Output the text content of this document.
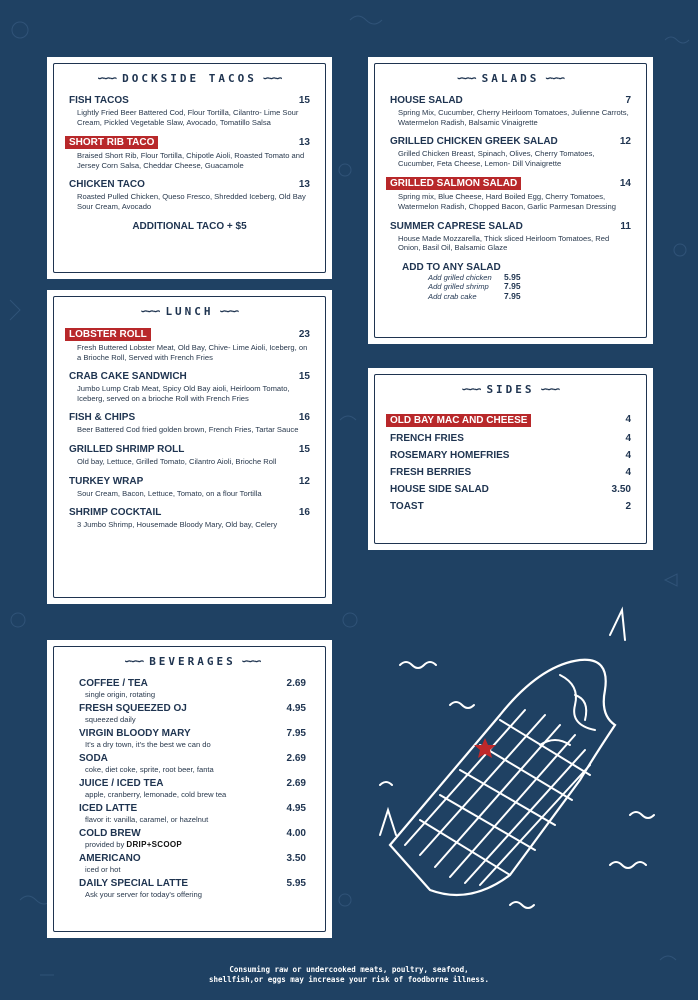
∽∽∽ DOCKSIDE TACOS ∽∽∽
FISH TACOS	15
Lightly Fried Beer Battered Cod, Flour Tortilla, Cilantro- Lime Sour Cream, Pickled Vegetable Slaw, Avocado, Tomatillo Salsa
SHORT RIB TACO	13
Braised Short Rib, Flour Tortilla, Chipotle Aioli, Roasted Tomato and Jersey Corn Salsa, Cheddar Cheese, Guacamole
CHICKEN TACO	13
Roasted Pulled Chicken, Queso Fresco, Shredded Iceberg, Old Bay Sour Cream, Avocado
ADDITIONAL TACO + $5
∽∽∽ LUNCH ∽∽∽
LOBSTER ROLL	23
Fresh Buttered Lobster Meat, Old Bay, Chive- Lime Aioli, Iceberg, on a Brioche Roll, Served with French Fries
CRAB CAKE SANDWICH	15
Jumbo Lump Crab Meat, Spicy Old Bay aioli, Heirloom Tomato, Iceberg, served on a brioche Roll with French Fries
FISH & CHIPS	16
Beer Battered Cod fried golden brown, French Fries, Tartar Sauce
GRILLED SHRIMP ROLL	15
Old bay, Lettuce, Grilled Tomato, Cilantro Aioli, Brioche Roll
TURKEY WRAP	12
Sour Cream, Bacon, Lettuce, Tomato, on a flour Tortilla
SHRIMP COCKTAIL	16
3 Jumbo Shrimp, Housemade Bloody Mary, Old bay, Celery
∽∽∽ SALADS ∽∽∽
HOUSE SALAD	7
Spring Mix, Cucumber, Cherry Heirloom Tomatoes, Julienne Carrots, Watermelon Radish, Balsamic Vinaigrette
GRILLED CHICKEN GREEK SALAD	12
Grilled Chicken Breast, Spinach, Olives, Cherry Tomatoes, Cucumber, Feta Cheese, Lemon- Dill Vinaigrette
GRILLED SALMON SALAD	14
Spring mix, Blue Cheese, Hard Boiled Egg, Cherry Tomatoes, Watermelon Radish, Chopped Bacon, Garlic Parmesan Dressing
SUMMER CAPRESE SALAD	11
House Made Mozzarella, Thick sliced Heirloom Tomatoes, Red Onion, Basil Oil, Balsamic Glaze
ADD TO ANY SALAD
Add grilled chicken	5.95
Add grilled shrimp	7.95
Add crab cake	7.95
∽∽∽ SIDES ∽∽∽
OLD BAY MAC AND CHEESE	4
FRENCH FRIES	4
ROSEMARY HOMEFRIES	4
FRESH BERRIES	4
HOUSE SIDE SALAD	3.50
TOAST	2
∽∽∽ BEVERAGES ∽∽∽
COFFEE / TEA	2.69
single origin, rotating
FRESH SQUEEZED OJ	4.95
squeezed daily
VIRGIN BLOODY MARY	7.95
It's a dry town, it's the best we can do
SODA	2.69
coke, diet coke, sprite, root beer, fanta
JUICE / ICED TEA	2.69
apple, cranberry, lemonade, cold brew tea
ICED LATTE	4.95
flavor it: vanilla, caramel, or hazelnut
COLD BREW	4.00
provided by DRIP+SCOOP
AMERICANO	3.50
iced or hot
DAILY SPECIAL LATTE	5.95
Ask your server for today's offering
Consuming raw or undercooked meats, poultry, seafood,
shellfish,or eggs may increase your risk of foodborne illness.
